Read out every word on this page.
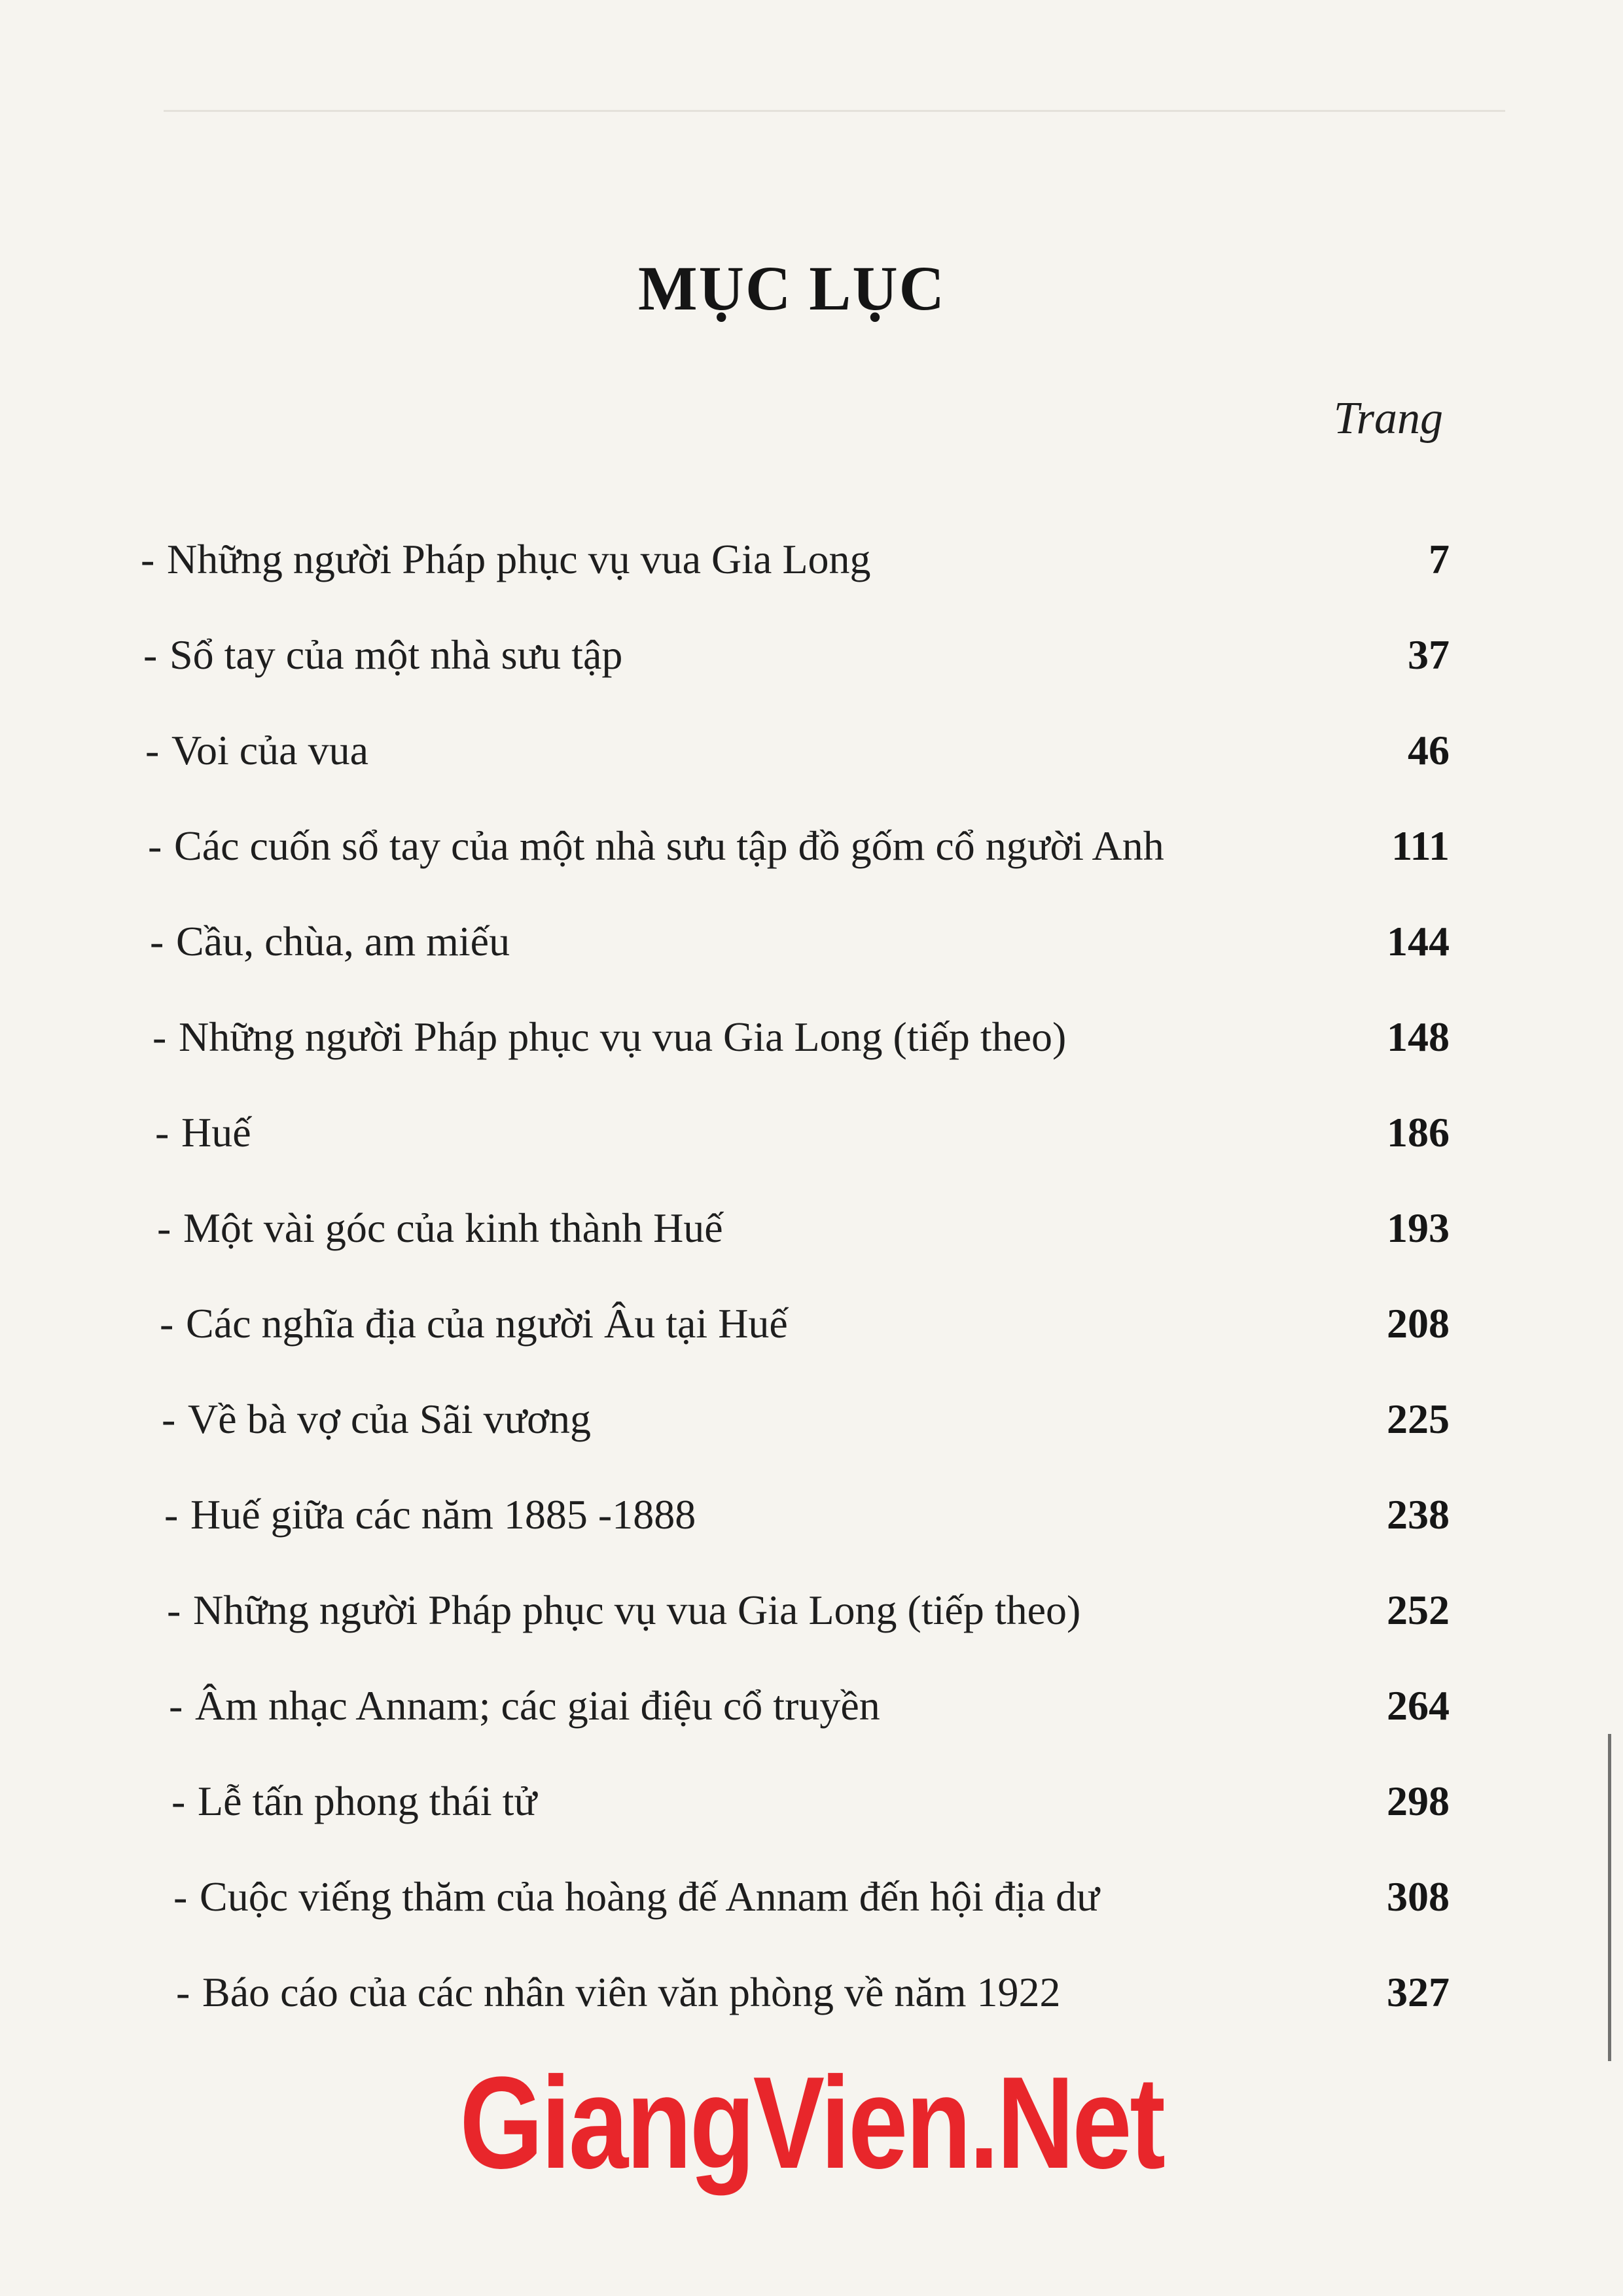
MỤC LỤC
Trang
- Những người Pháp phục vụ vua Gia Long	7
- Sổ tay của một nhà sưu tập	37
- Voi của vua	46
- Các cuốn sổ tay của một nhà sưu tập đồ gốm cổ người Anh	111
- Cầu, chùa, am miếu	144
- Những người Pháp phục vụ vua Gia Long (tiếp theo)	148
- Huế	186
- Một vài góc của kinh thành Huế	193
- Các nghĩa địa của người Âu tại Huế	208
- Về bà vợ của Sãi vương	225
- Huế giữa các năm 1885 -1888	238
- Những người Pháp phục vụ vua Gia Long (tiếp theo)	252
- Âm nhạc Annam; các giai điệu cổ truyền	264
- Lễ tấn phong thái tử	298
- Cuộc viếng thăm của hoàng đế Annam đến hội địa dư	308
- Báo cáo của các nhân viên văn phòng về năm 1922	327
GiangVien.Net
